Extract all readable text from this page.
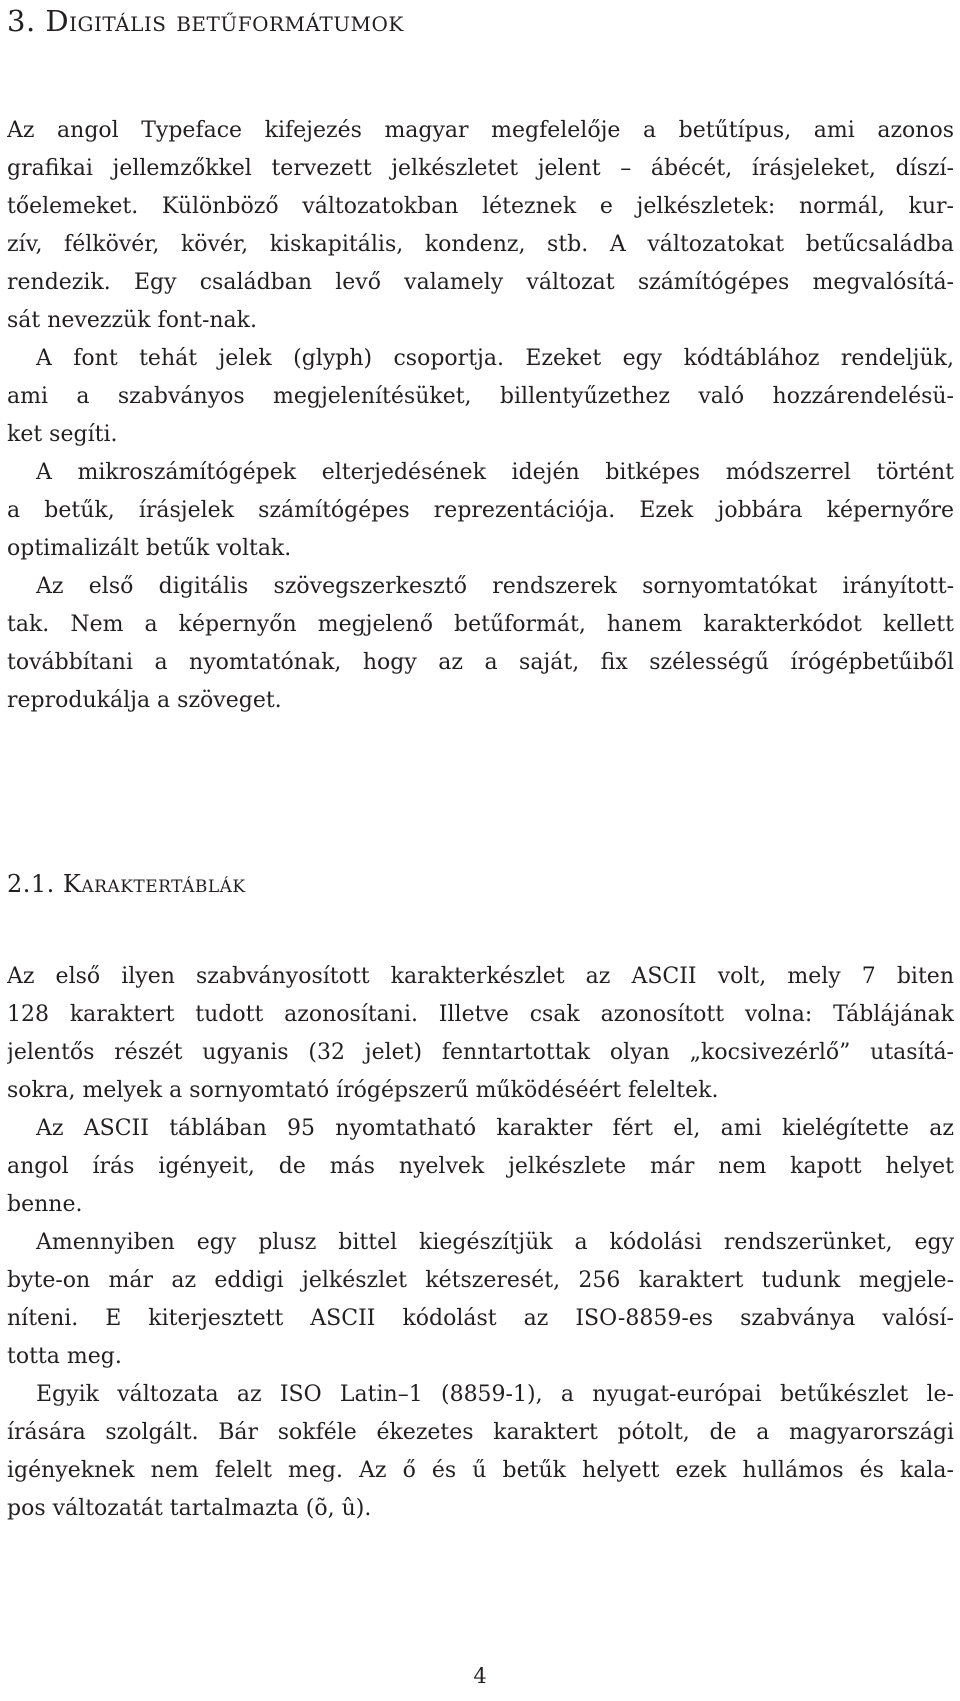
3. Digitális betűformátumok
Az angol Typeface kifejezés magyar megfelelője a betűtípus, ami azonos
grafikai jellemzőkkel tervezett jelkészletet jelent – ábécét, írásjeleket, díszí-
tőelemeket. Különböző változatokban léteznek e jelkészletek: normál, kur-
zív, félkövér, kövér, kiskapitális, kondenz, stb. A változatokat betűcsaládba
rendezik. Egy családban levő valamely változat számítógépes megvalósítá-
sát nevezzük font-nak.
A font tehát jelek (glyph) csoportja. Ezeket egy kódtáblához rendeljük,
ami a szabványos megjelenítésüket, billentyűzethez való hozzárendelésü-
ket segíti.
A mikroszámítógépek elterjedésének idején bitképes módszerrel történt
a betűk, írásjelek számítógépes reprezentációja. Ezek jobbára képernyőre
optimalizált betűk voltak.
Az első digitális szövegszerkesztő rendszerek sornyomtatókat irányított-
tak. Nem a képernyőn megjelenő betűformát, hanem karakterkódot kellett
továbbítani a nyomtatónak, hogy az a saját, fix szélességű írógépbetűiből
reprodukálja a szöveget.
2.1. Karaktertáblák
Az első ilyen szabványosított karakterkészlet az ASCII volt, mely 7 biten
128 karaktert tudott azonosítani. Illetve csak azonosított volna: Táblájának
jelentős részét ugyanis (32 jelet) fenntartottak olyan „kocsivezérlő” utasítá-
sokra, melyek a sornyomtató írógépszerű működéséért feleltek.
Az ASCII táblában 95 nyomtatható karakter fért el, ami kielégítette az
angol írás igényeit, de más nyelvek jelkészlete már nem kapott helyet
benne.
Amennyiben egy plusz bittel kiegészítjük a kódolási rendszerünket, egy
byte-on már az eddigi jelkészlet kétszeresét, 256 karaktert tudunk megjele-
níteni. E kiterjesztett ASCII kódolást az ISO-8859-es szabványa valósí-
totta meg.
Egyik változata az ISO Latin–1 (8859-1), a nyugat-európai betűkészlet le-
írására szolgált. Bár sokféle ékezetes karaktert pótolt, de a magyarországi
igényeknek nem felelt meg. Az ő és ű betűk helyett ezek hullámos és kala-
pos változatát tartalmazta (õ, û).
4
